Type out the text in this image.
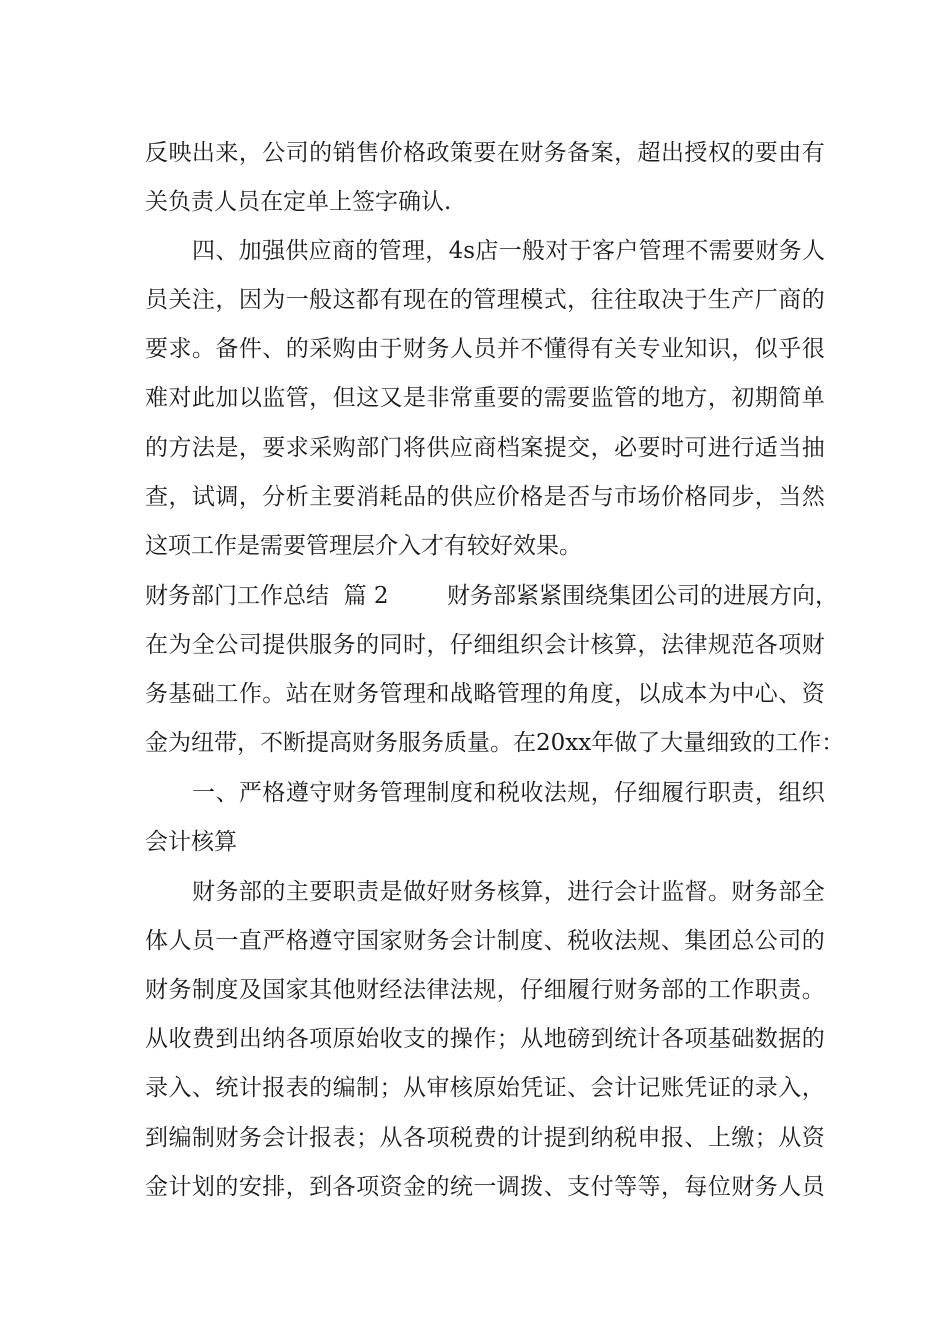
反 映 出 来 ， 公 司 的 销 售 价 格 政 策 要 在 财 务 备 案 ， 超 出 授 权 的 要 由 有
关负责人员在定单上签字确认.
四 、 加 强 供 应 商 的 管 理 ， 4s 店 一 般 对 于 客 户 管 理 不 需 要 财 务 人
员 关 注 ， 因 为 一 般 这 都 有 现 在 的 管 理 模 式 ， 往 往 取 决 于 生 产 厂 商 的
要 求 。 备 件 、 的 采 购 由 于 财 务 人 员 并 不 懂 得 有 关 专 业 知 识 ， 似 乎 很
难 对 此 加 以 监 管 ， 但 这 又 是 非 常 重 要 的 需 要 监 管 的 地 方 ， 初 期 简 单
的 方 法 是 ， 要 求 采 购 部 门 将 供 应 商 档 案 提 交 ， 必 要 时 可 进 行 适 当 抽
查 ， 试 调 ， 分 析 主 要 消 耗 品 的 供 应 价 格 是 否 与 市 场 价 格 同 步 ， 当 然
这项工作是需要管理层介入才有较好效果。
财务部门工作总结  篇 2        财务部紧紧围绕集团公司的进展方向，
在 为 全 公 司 提 供 服 务 的 同 时 ， 仔 细 组 织 会 计 核 算 ， 法 律 规 范 各 项 财
务 基 础 工 作 。 站 在 财 务 管 理 和 战 略 管 理 的 角 度 ， 以 成 本 为 中 心 、 资
金 为 纽 带 ， 不 断 提 高 财 务 服 务 质 量 。 在 20xx 年 做 了 大 量 细 致 的 工 作 ：
一 、 严 格 遵 守 财 务 管 理 制 度 和 税 收 法 规 ， 仔 细 履 行 职 责 ， 组 织
会计核算
财 务 部 的 主 要 职 责 是 做 好 财 务 核 算 ， 进 行 会 计 监 督 。 财 务 部 全
体 人 员 一 直 严 格 遵 守 国 家 财 务 会 计 制 度 、 税 收 法 规 、 集 团 总 公 司 的
财 务 制 度 及 国 家 其 他 财 经 法 律 法 规 ， 仔 细 履 行 财 务 部 的 工 作 职 责 。
从 收 费 到 出 纳 各 项 原 始 收 支 的 操 作 ； 从 地 磅 到 统 计 各 项 基 础 数 据 的
录 入 、 统 计 报 表 的 编 制 ； 从 审 核 原 始 凭 证 、 会 计 记 账 凭 证 的 录 入 ，
到 编 制 财 务 会 计 报 表 ； 从 各 项 税 费 的 计 提 到 纳 税 申 报 、 上 缴 ； 从 资
金 计 划 的 安 排 ， 到 各 项 资 金 的 统 一 调 拨 、 支 付 等 等 ， 每 位 财 务 人 员
